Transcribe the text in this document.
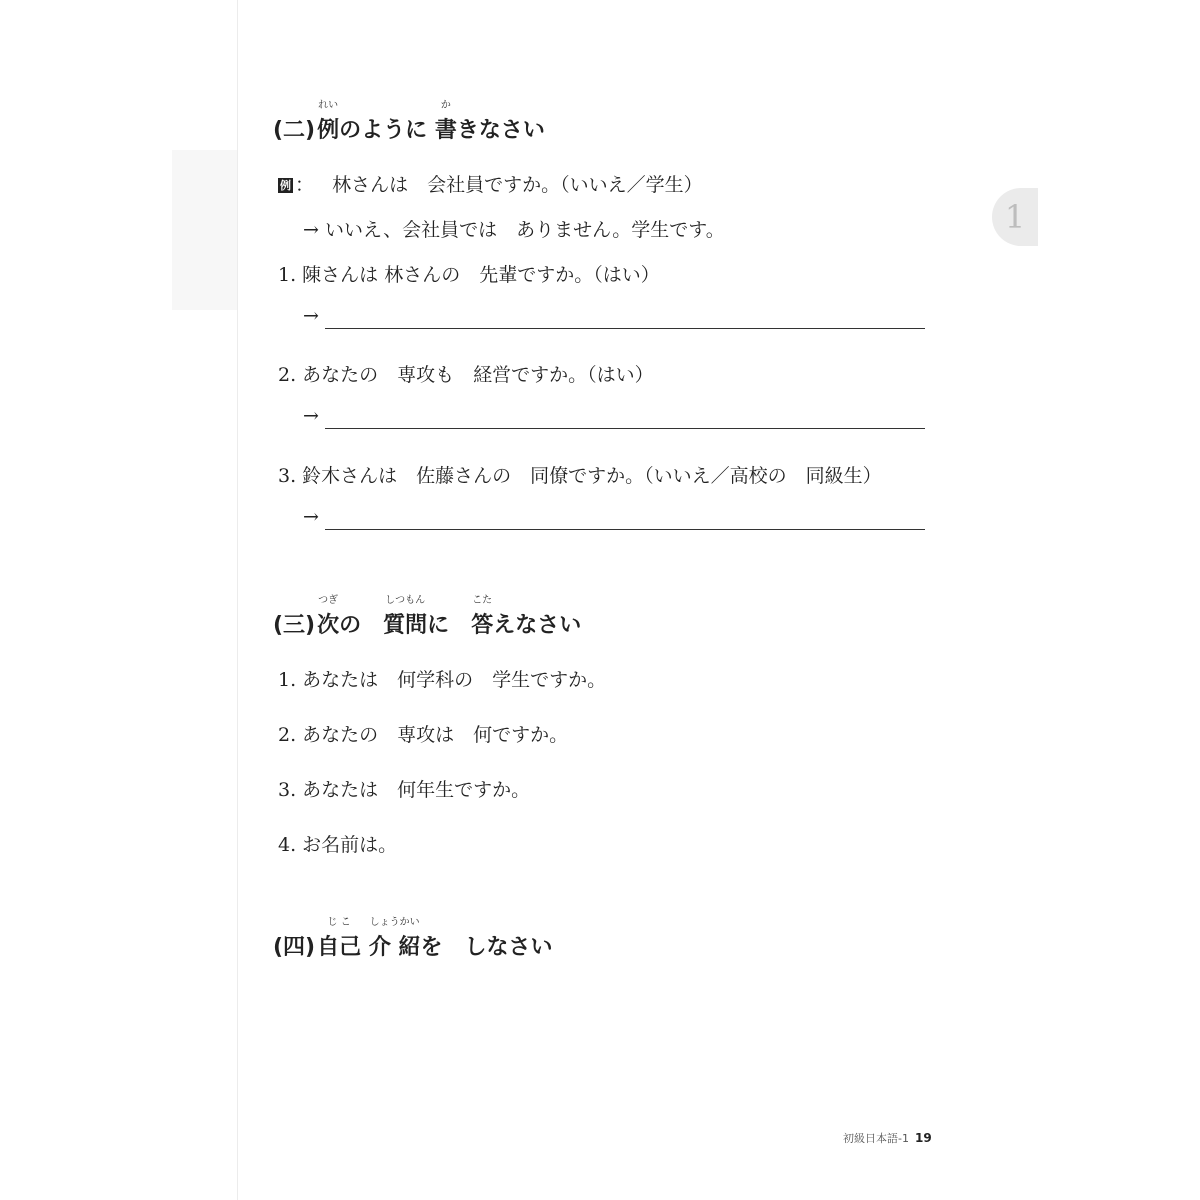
1
(二)例
れい
のように 書
か
きなさい
例 ： 林さんは　会社員ですか。（いいえ／学生）
→ いいえ、会社員では　ありません。学生です。
1. 陳さんは 林さんの　先輩ですか。（はい）
→
2. あなたの　専攻も　経営ですか。（はい）
→
3. 鈴木さんは　佐藤さんの　同僚ですか。（いいえ／高校の　同級生）
→
(三)次
つぎ
の　質問
しつもん
に　答
こた
えなさい
1. あなたは　何学科の　学生ですか。
2. あなたの　専攻は　何ですか。
3. あなたは　何年生ですか。
4. お名前は。
(四)自己
じ こ
介 紹
しょうかい
を　しなさい
初級日本語-1 19
